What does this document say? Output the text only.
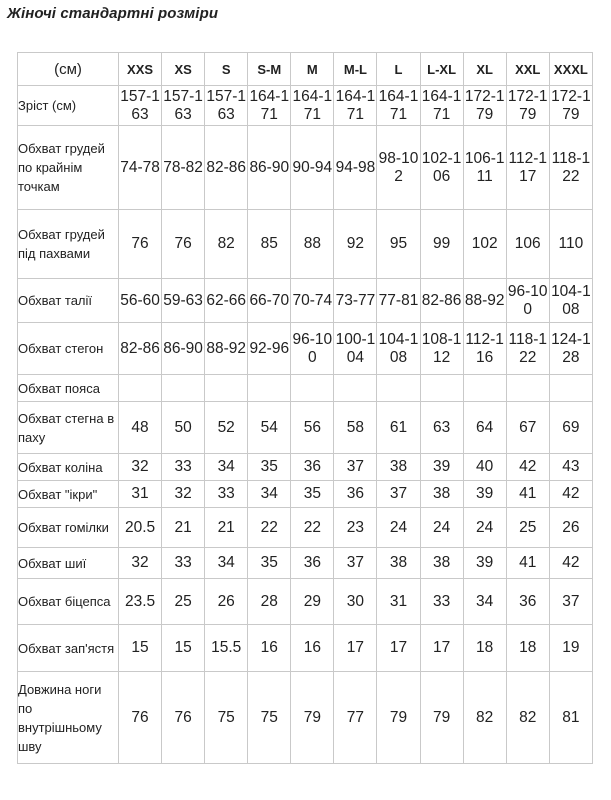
Жіночі стандартні розміри
(см)	XXS	XS	S	S-M	M	M-L	L	L-XL	XL	XXL	XXXL
Зріст (см)	157-163	157-163	157-163	164-171	164-171	164-171	164-171	164-171	172-179	172-179	172-179
Обхват грудей по крайнім точкам	74-78	78-82	82-86	86-90	90-94	94-98	98-102	102-106	106-111	112-117	118-122
Обхват грудей під пахвами	76	76	82	85	88	92	95	99	102	106	110
Обхват талії	56-60	59-63	62-66	66-70	70-74	73-77	77-81	82-86	88-92	96-100	104-108
Обхват стегон	82-86	86-90	88-92	92-96	96-100	100-104	104-108	108-112	112-116	118-122	124-128
Обхват пояса											
Обхват стегна в паху	48	50	52	54	56	58	61	63	64	67	69
Обхват коліна	32	33	34	35	36	37	38	39	40	42	43
Обхват "ікри"	31	32	33	34	35	36	37	38	39	41	42
Обхват гомілки	20.5	21	21	22	22	23	24	24	24	25	26
Обхват шиї	32	33	34	35	36	37	38	38	39	41	42
Обхват біцепса	23.5	25	26	28	29	30	31	33	34	36	37
Обхват зап'ястя	15	15	15.5	16	16	17	17	17	18	18	19
Довжина ноги по внутрішньому шву	76	76	75	75	79	77	79	79	82	82	81
